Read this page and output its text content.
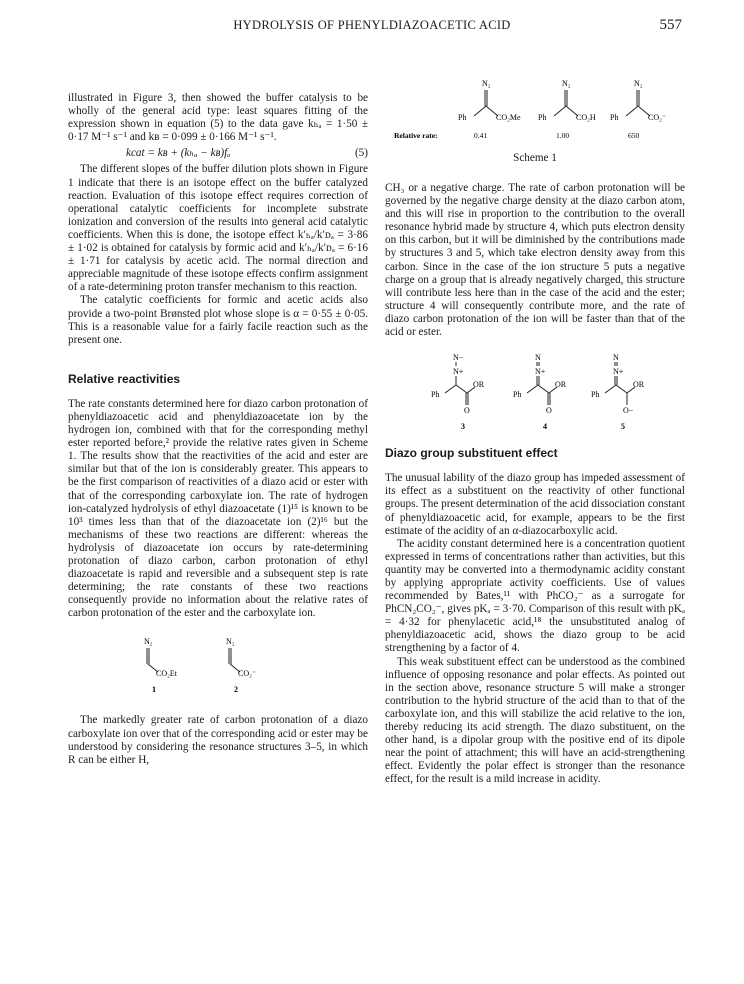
HYDROLYSIS OF PHENYLDIAZOACETIC ACID	557
Relative rate:
N₂
Ph	CO₂Me
0.41
N₂
Ph	CO₂H
1.00
N₂
Ph	CO₂⁻
650
Scheme 1

illustrated in Figure 3, then showed the buffer catalysis to be wholly of the general acid type: least squares fitting of the expression shown in equation (5) to the data gave kₕₐ = 1·50 ± 0·17 M⁻¹ s⁻¹ and kʙ = 0·099 ± 0·166 M⁻¹ s⁻¹.

k⁣cat = kʙ + (kₕₐ − kʙ)fₐ	(5)

The different slopes of the buffer dilution plots shown in Figure 1 indicate that there is an isotope effect on the buffer catalyzed reaction. Evaluation of this isotope effect requires correction of operational catalytic coefficients for incomplete substrate ionization and conversion of the results into general acid catalytic coefficients. When this is done, the isotope effect k′ₕₐ/k′ᴅₐ = 3·86 ± 1·02 is obtained for catalysis by formic acid and k′ₕₐ/k′ᴅₐ = 6·16 ± 1·71 for catalysis by acetic acid. The normal direction and appreciable magnitude of these isotope effects confirm assignment of a rate-determining proton transfer mechanism to this reaction.

The catalytic coefficients for formic and acetic acids also provide a two-point Brønsted plot whose slope is α = 0·55 ± 0·05. This is a reasonable value for a fairly facile reaction such as the present one.

Relative reactivities

The rate constants determined here for diazo carbon protonation of phenyldiazoacetic acid and phenyldiazoacetate ion by the hydrogen ion, combined with that for the corresponding methyl ester reported before,² provide the relative rates given in Scheme 1. The results show that the reactivities of the acid and ester are similar but that of the ion is considerably greater. This appears to be the first comparison of reactivities of a diazo acid or ester with that of the corresponding carboxylate ion. The rate of hydrogen ion-catalyzed hydrolysis of ethyl diazoacetate (1)¹⁵ is known to be 10³ times less than that of the diazoacetate ion (2)¹⁶ but the mechanisms of these two reactions are different: whereas the hydrolysis of diazoacetate ion occurs by rate-determining protonation of diazo carbon, carbon protonation of ethyl diazoacetate is rapid and reversible and a subsequent step is rate determining; the rate constants of these two reactions consequently provide no information about the relative rates of carbon protonation of the ester and the carboxylate ion.

N₂
CO₂Et
1
N₂
CO₂⁻
2

The markedly greater rate of carbon protonation of a diazo carboxylate ion over that of the corresponding acid or ester may be understood by considering the resonance structures 3–5, in which R can be either H,

CH₃ or a negative charge. The rate of carbon protonation will be governed by the negative charge density at the diazo carbon atom, and this will rise in proportion to the contribution to the overall resonance hybrid made by structure 4, which puts electron density on this carbon, but it will be diminished by the contributions made by structures 3 and 5, which take electron density away from this carbon. Since in the case of the ion structure 5 puts a negative charge on a group that is already negatively charged, this structure will contribute less here than in the case of the acid and the ester; structure 4 will consequently contribute more, and the rate of diazo carbon protonation of the ion will be faster than that of the acid or ester.

N−
N+
OR
Ph
O
3
N
N+
OR
Ph
O
4
N
N+
OR
Ph
O−
5
Diazo group substituent effect

The unusual lability of the diazo group has impeded assessment of its effect as a substituent on the reactivity of other functional groups. The present determination of the acid dissociation constant of phenyldiazoacetic acid, for example, appears to be the first estimate of the acidity of an α-diazocarboxylic acid.

The acidity constant determined here is a concentration quotient expressed in terms of concentrations rather than activities, but this quantity may be converted into a thermodynamic acidity constant by applying appropriate activity coefficients. Use of values recommended by Bates,¹¹ with PhCO₂⁻ as a surrogate for PhCN₂CO₂⁻, gives pKₐ = 3·70. Comparison of this result with pKₐ = 4·32 for phenylacetic acid,¹⁸ the unsubstituted analog of phenyldiazoacetic acid, shows the diazo group to be acid strengthening by a factor of 4.

This weak substituent effect can be understood as the combined influence of opposing resonance and polar effects. As pointed out in the section above, resonance structure 5 will make a stronger contribution to the hybrid structure of the acid than to that of the carboxylate ion, and this will stabilize the acid relative to the ion, thereby reducing its acid strength. The diazo substituent, on the other hand, is a dipolar group with the positive end of its dipole near the point of attachment; this will have an acid-strengthening effect. Evidently the polar effect is stronger than the resonance effect, for the result is a mild increase in acidity.
